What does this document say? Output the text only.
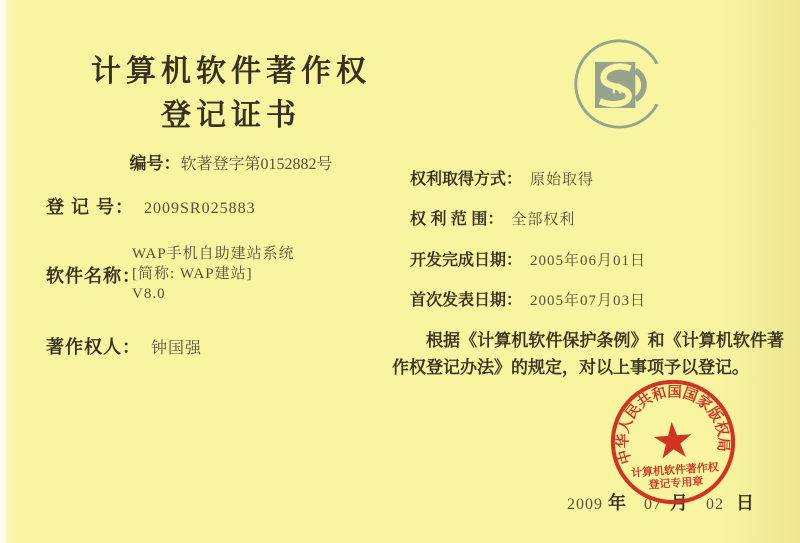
计算机软件著作权
登记证书
编号：软著登字第0152882号
登 记 号： 2009SR025883
软件名称：
WAP手机自助建站系统
[简称: WAP建站]
V8.0
著作权人： 钟国强
权利取得方式： 原始取得
权 利 范 围： 全部权利
开发完成日期： 2005年06月01日
首次发表日期： 2005年07月03日
根据《计算机软件保护条例》和《计算机软件著作权登记办法》的规定，对以上事项予以登记。
R
2009 年 07 月 02 日
中华人民共和国国家版权局
★
计算机软件著作权
登记专用章
